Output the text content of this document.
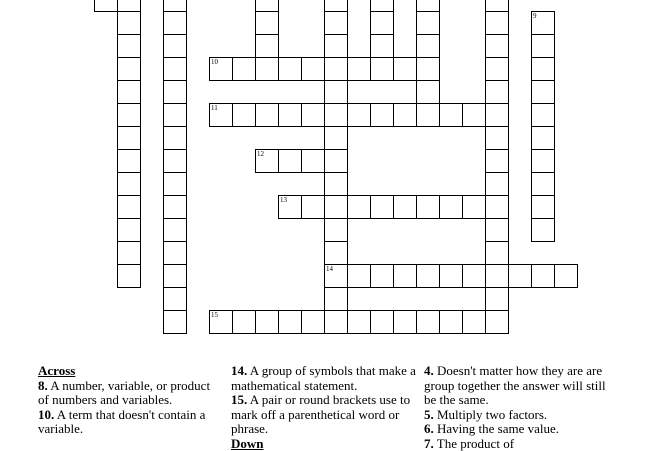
14
9
10
11
12
13
15
Across
8. A number, variable, or product of numbers and variables.
10. A term that doesn't contain a variable.
14. A group of symbols that make a mathematical statement.
15. A pair or round brackets use to mark off a parenthetical word or phrase.
Down
4. Doesn't matter how they are are group together the answer will still be the same.
5. Multiply two factors.
6. Having the same value.
7. The product of
